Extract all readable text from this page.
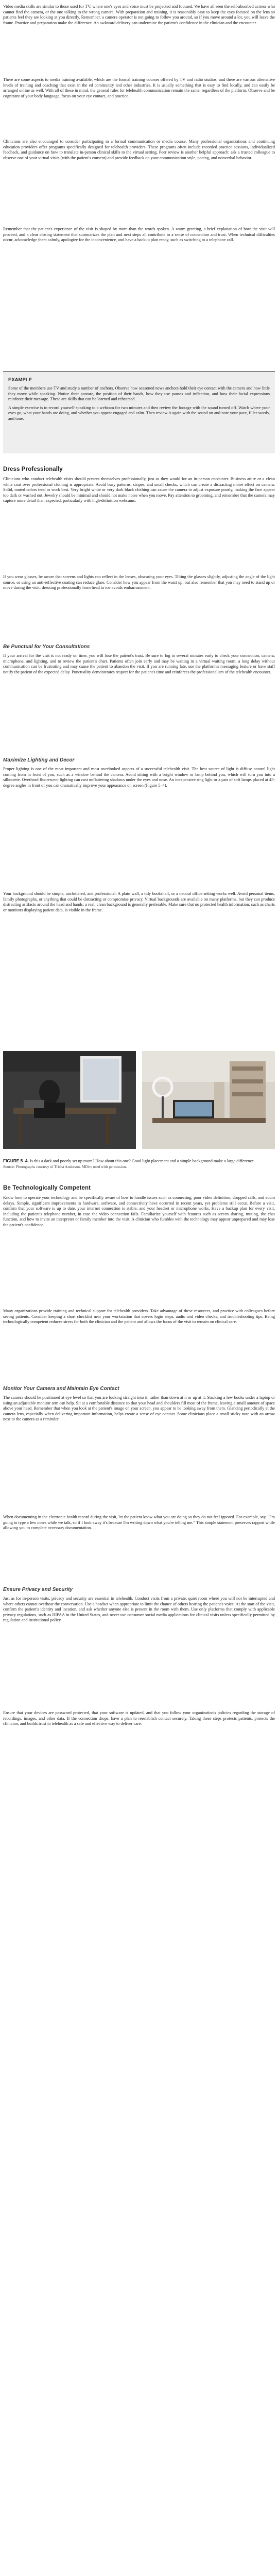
Video media skills are similar to those used for TV, where one's eyes and voice must be projected and focused. We have all seen the self-absorbed actress who cannot find the camera, or the one talking to the wrong camera. With preparation and training, it is reasonably easy to keep the eyes focused on the lens so patients feel they are looking at you directly. Remember, a camera operator is not going to follow you around, so if you move around a lot, you will leave the frame. Practice and preparation make the difference. An awkward delivery can undermine the patient's confidence in the clinician and the encounter.

There are some aspects to media training available, which are the formal training courses offered by TV and radio studios, and there are various alternative levels of training and coaching that exist in the ed community and other industries. It is usually something that is easy to find locally, and can easily be arranged online as well. With all of these in mind, the general rules for telehealth communication remain the same, regardless of the platform. Observe and be cognizant of your body language, focus on your eye contact, and practice.

Clinicians are also encouraged to consider participating in a formal communication or media course. Many professional organizations and continuing education providers offer programs specifically designed for telehealth providers. These programs often include recorded practice sessions, individualized feedback, and guidance on how to translate in-person clinical skills to the virtual setting. Peer review is another helpful approach: ask a trusted colleague to observe one of your virtual visits (with the patient's consent) and provide feedback on your communication style, pacing, and nonverbal behavior.

Remember that the patient's experience of the visit is shaped by more than the words spoken. A warm greeting, a brief explanation of how the visit will proceed, and a clear closing statement that summarizes the plan and next steps all contribute to a sense of connection and trust. When technical difficulties occur, acknowledge them calmly, apologize for the inconvenience, and have a backup plan ready, such as switching to a telephone call.

EXAMPLE

Some of the members use TV and study a number of anchors. Observe how seasoned news anchors hold their eye contact with the camera and how little they move while speaking. Notice their posture, the position of their hands, how they use pauses and inflection, and how their facial expressions reinforce their message. These are skills that can be learned and rehearsed.

A simple exercise is to record yourself speaking to a webcam for two minutes and then review the footage with the sound turned off. Watch where your eyes go, what your hands are doing, and whether you appear engaged and calm. Then review it again with the sound on and note your pace, filler words, and tone.

Dress Professionally

Clinicians who conduct telehealth visits should present themselves professionally, just as they would for an in-person encounter. Business attire or a clean white coat over professional clothing is appropriate. Avoid busy patterns, stripes, and small checks, which can create a distracting moiré effect on camera. Solid, muted colors tend to work best. Very bright white or very dark black clothing can cause the camera to adjust exposure poorly, making the face appear too dark or washed out. Jewelry should be minimal and should not make noise when you move. Pay attention to grooming, and remember that the camera may capture more detail than expected, particularly with high-definition webcams.

If you wear glasses, be aware that screens and lights can reflect in the lenses, obscuring your eyes. Tilting the glasses slightly, adjusting the angle of the light source, or using an anti-reflective coating can reduce glare. Consider how you appear from the waist up, but also remember that you may need to stand up or move during the visit; dressing professionally from head to toe avoids embarrassment.

Be Punctual for Your Consultations

If your arrival for the visit is not ready on time, you will lose the patient's trust. Be sure to log in several minutes early to check your connection, camera, microphone, and lighting, and to review the patient's chart. Patients often join early and may be waiting in a virtual waiting room; a long delay without communication can be frustrating and may cause the patient to abandon the visit. If you are running late, use the platform's messaging feature or have staff notify the patient of the expected delay. Punctuality demonstrates respect for the patient's time and reinforces the professionalism of the telehealth encounter.

Maximize Lighting and Decor

Proper lighting is one of the most important and most overlooked aspects of a successful telehealth visit. The best source of light is diffuse natural light coming from in front of you, such as a window behind the camera. Avoid sitting with a bright window or lamp behind you, which will turn you into a silhouette. Overhead fluorescent lighting can cast unflattering shadows under the eyes and nose. An inexpensive ring light or a pair of soft lamps placed at 45-degree angles in front of you can dramatically improve your appearance on screen (Figure 5–4).

Your background should be simple, uncluttered, and professional. A plain wall, a tidy bookshelf, or a neutral office setting works well. Avoid personal items, family photographs, or anything that could be distracting or compromise privacy. Virtual backgrounds are available on many platforms, but they can produce distracting artifacts around the head and hands; a real, clean background is generally preferable. Make sure that no protected health information, such as charts or monitors displaying patient data, is visible in the frame.

FIGURE 5–4. Is this a dark and poorly set up room? How about this one? Good light placement and a simple background make a large difference.
Source: Photographs courtesy of Trisha Anderson, MDiv; used with permission.

Be Technologically Competent

Know how to operate your technology and be specifically aware of how to handle issues such as connecting, poor video definition, dropped calls, and audio delays. Simple, significant improvements in hardware, software, and connectivity have occurred in recent years, yet problems still occur. Before a visit, confirm that your software is up to date, your internet connection is stable, and your headset or microphone works. Have a backup plan for every visit, including the patient's telephone number, in case the video connection fails. Familiarize yourself with features such as screen sharing, muting, the chat function, and how to invite an interpreter or family member into the visit. A clinician who fumbles with the technology may appear unprepared and may lose the patient's confidence.

Many organizations provide training and technical support for telehealth providers. Take advantage of these resources, and practice with colleagues before seeing patients. Consider keeping a short checklist near your workstation that covers login steps, audio and video checks, and troubleshooting tips. Being technologically competent reduces stress for both the clinician and the patient and allows the focus of the visit to remain on clinical care.

Monitor Your Camera and Maintain Eye Contact

The camera should be positioned at eye level so that you are looking straight into it, rather than down at it or up at it. Stacking a few books under a laptop or using an adjustable monitor arm can help. Sit at a comfortable distance so that your head and shoulders fill most of the frame, leaving a small amount of space above your head. Remember that when you look at the patient's image on your screen, you appear to be looking away from them. Glancing periodically at the camera lens, especially when delivering important information, helps create a sense of eye contact. Some clinicians place a small sticky note with an arrow next to the camera as a reminder.

When documenting in the electronic health record during the visit, let the patient know what you are doing so they do not feel ignored. For example, say, "I'm going to type a few notes while we talk, so if I look away it's because I'm writing down what you're telling me." This simple statement preserves rapport while allowing you to complete necessary documentation.

Ensure Privacy and Security

Just as for in-person visits, privacy and security are essential in telehealth. Conduct visits from a private, quiet room where you will not be interrupted and where others cannot overhear the conversation. Use a headset when appropriate to limit the chance of others hearing the patient's voice. At the start of the visit, confirm the patient's identity and location, and ask whether anyone else is present in the room with them. Use only platforms that comply with applicable privacy regulations, such as HIPAA in the United States, and never use consumer social media applications for clinical visits unless specifically permitted by regulation and institutional policy.

Ensure that your devices are password protected, that your software is updated, and that you follow your organization's policies regarding the storage of recordings, images, and other data. If the connection drops, have a plan to reestablish contact securely. Taking these steps protects patients, protects the clinician, and builds trust in telehealth as a safe and effective way to deliver care.
